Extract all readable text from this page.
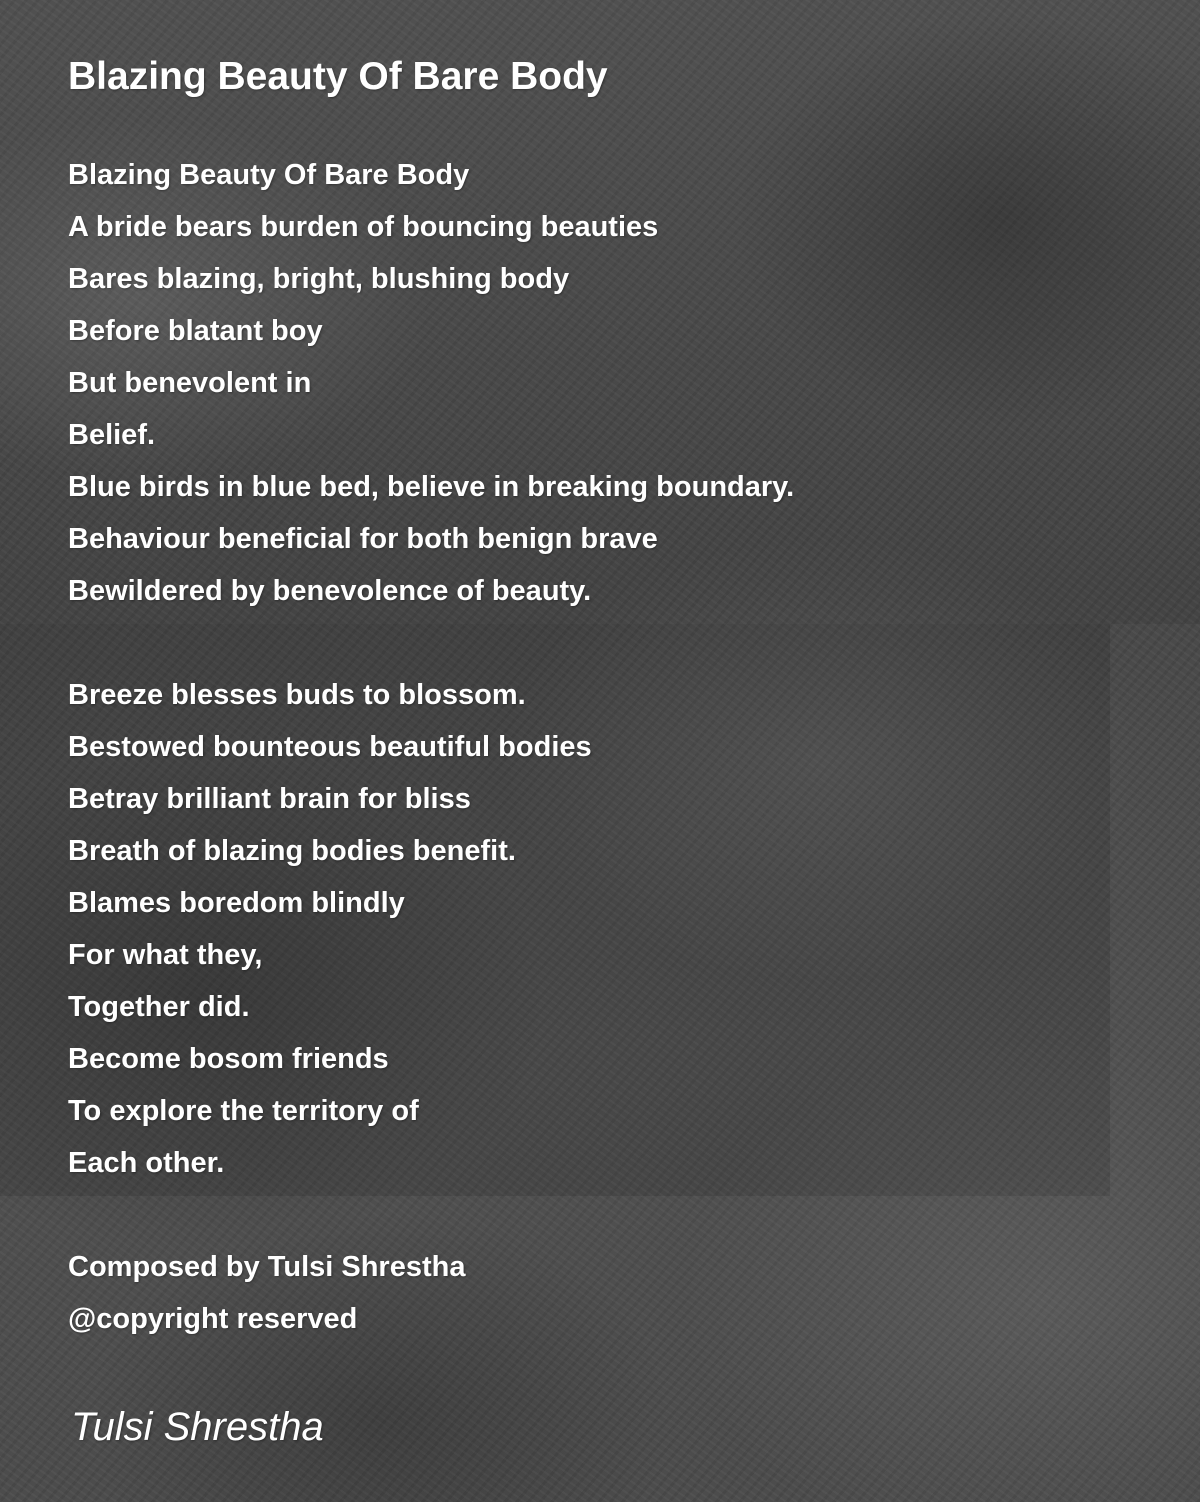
Blazing Beauty Of Bare Body
Blazing Beauty Of Bare Body
A bride bears burden of bouncing beauties
Bares blazing, bright, blushing body
Before blatant boy
But benevolent in
Belief.
Blue birds in blue bed, believe in breaking boundary.
Behaviour beneficial for both benign brave
Bewildered by benevolence of beauty.
Breeze blesses buds to blossom.
Bestowed bounteous beautiful bodies
Betray brilliant brain for bliss
Breath of blazing bodies benefit.
Blames boredom blindly
For what they,
Together did.
Become bosom friends
To explore the territory of
Each other.
Composed by Tulsi Shrestha
@copyright reserved
Tulsi Shrestha
